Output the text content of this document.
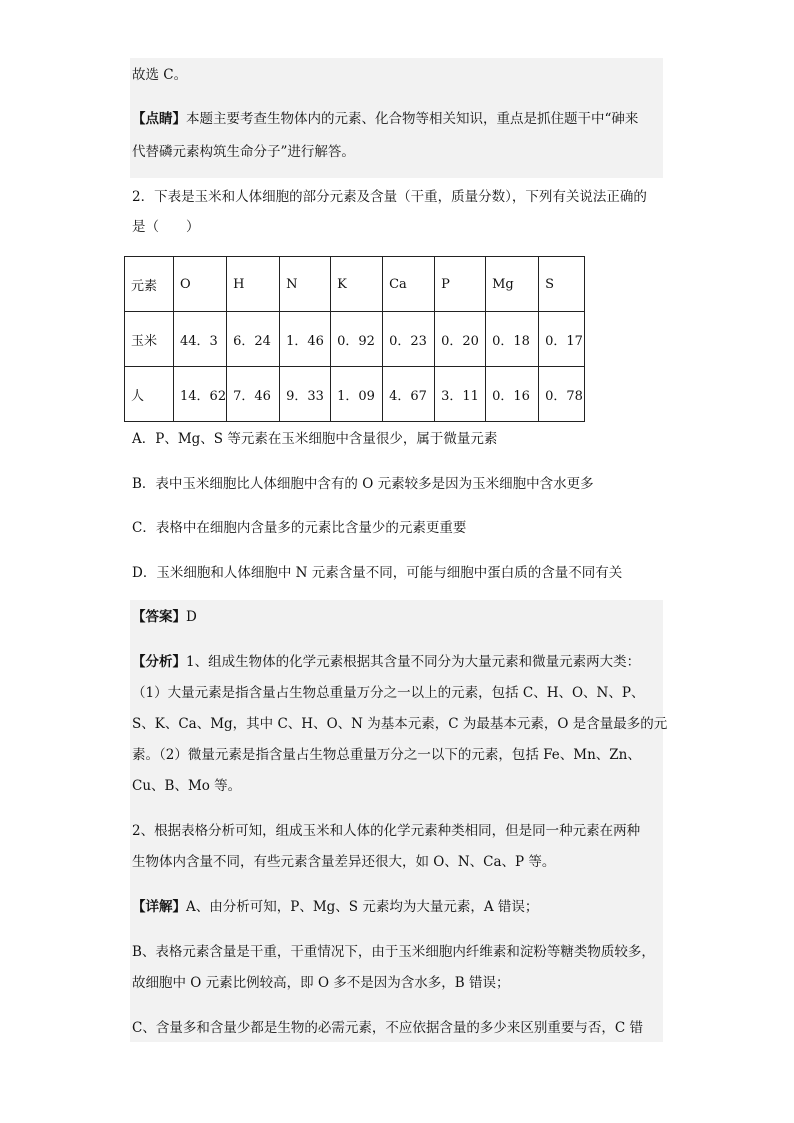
故选 C。
【点睛】本题主要考查生物体内的元素、化合物等相关知识，重点是抓住题干中“砷来
代替磷元素构筑生命分子”进行解答。
2．下表是玉米和人体细胞的部分元素及含量（干重，质量分数），下列有关说法正确的
是（　　）
元素	O	H	N	K	Ca	P	Mg	S
玉米	44．3	6．24	1．46	0．92	0．23	0．20	0．18	0．17
人	14．62	7．46	9．33	1．09	4．67	3．11	0．16	0．78
A．P、Mg、S 等元素在玉米细胞中含量很少，属于微量元素
B．表中玉米细胞比人体细胞中含有的 O 元素较多是因为玉米细胞中含水更多
C．表格中在细胞内含量多的元素比含量少的元素更重要
D．玉米细胞和人体细胞中 N 元素含量不同，可能与细胞中蛋白质的含量不同有关
【答案】D
【分析】1、组成生物体的化学元素根据其含量不同分为大量元素和微量元素两大类：
（1）大量元素是指含量占生物总重量万分之一以上的元素，包括 C、H、O、N、P、
S、K、Ca、Mg，其中 C、H、O、N 为基本元素，C 为最基本元素，O 是含量最多的元
素。（2）微量元素是指含量占生物总重量万分之一以下的元素，包括 Fe、Mn、Zn、
Cu、B、Mo 等。
2、根据表格分析可知，组成玉米和人体的化学元素种类相同，但是同一种元素在两种
生物体内含量不同，有些元素含量差异还很大，如 O、N、Ca、P 等。
【详解】A、由分析可知，P、Mg、S 元素均为大量元素，A 错误；
B、表格元素含量是干重，干重情况下，由于玉米细胞内纤维素和淀粉等糖类物质较多，
故细胞中 O 元素比例较高，即 O 多不是因为含水多，B 错误；
C、含量多和含量少都是生物的必需元素，不应依据含量的多少来区别重要与否，C 错
